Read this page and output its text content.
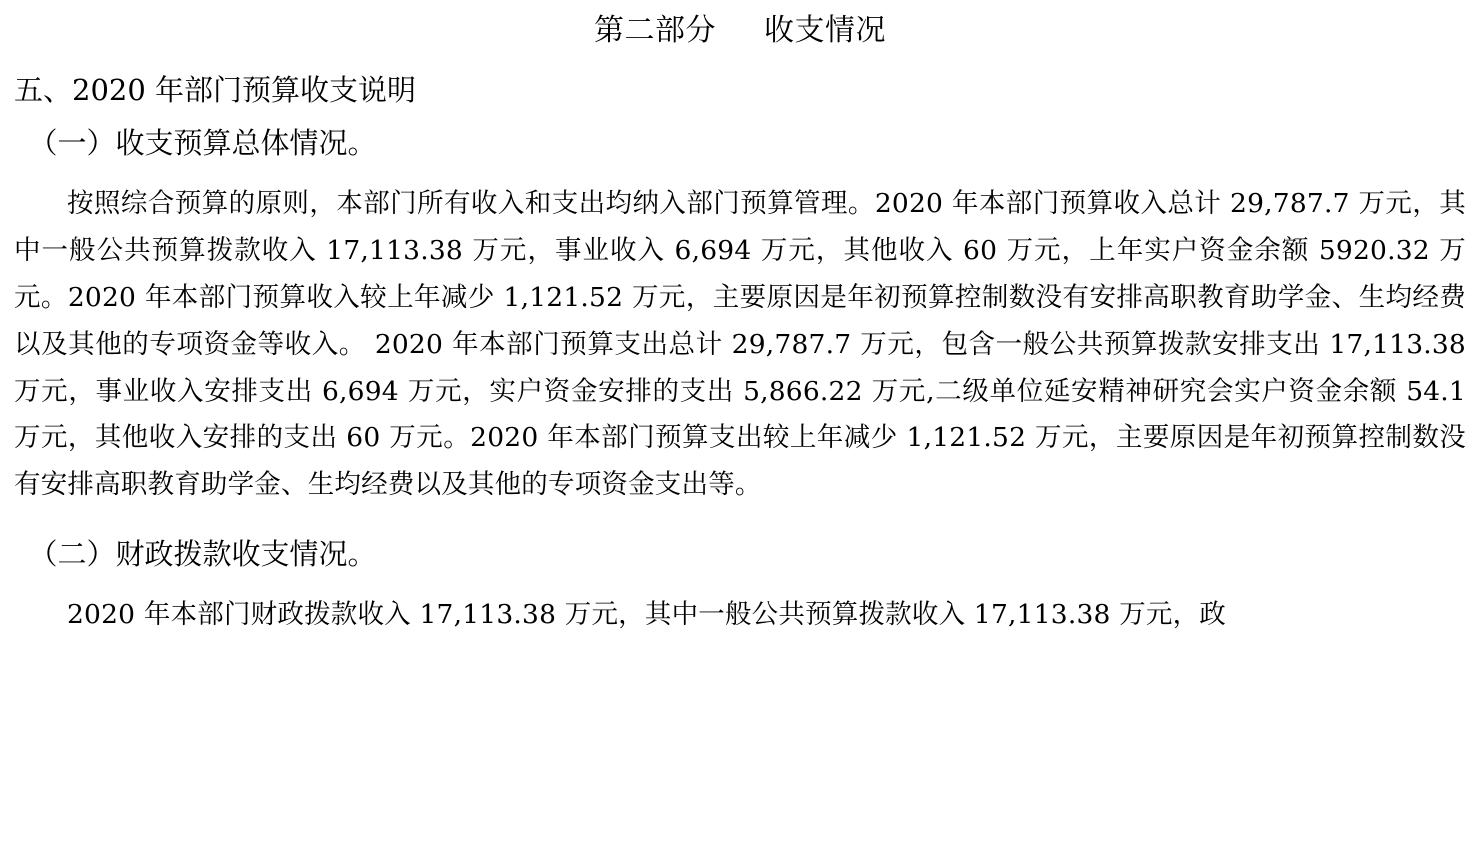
第二部分 收支情况

五、2020 年部门预算收支说明

（一）收支预算总体情况。

按照综合预算的原则，本部门所有收入和支出均纳入部门预算管理。2020 年本部门预算收入总计 29,787.7 万元，其中一般公共预算拨款收入 17,113.38 万元，事业收入 6,694 万元，其他收入 60 万元，上年实户资金余额 5920.32 万元。2020 年本部门预算收入较上年减少 1,121.52 万元，主要原因是年初预算控制数没有安排高职教育助学金、生均经费以及其他的专项资金等收入。 2020 年本部门预算支出总计 29,787.7 万元，包含一般公共预算拨款安排支出 17,113.38 万元，事业收入安排支出 6,694 万元，实户资金安排的支出 5,866.22 万元,二级单位延安精神研究会实户资金余额 54.1 万元，其他收入安排的支出 60 万元。2020 年本部门预算支出较上年减少 1,121.52 万元，主要原因是年初预算控制数没有安排高职教育助学金、生均经费以及其他的专项资金支出等。

（二）财政拨款收支情况。

2020 年本部门财政拨款收入 17,113.38 万元，其中一般公共预算拨款收入 17,113.38 万元，政
